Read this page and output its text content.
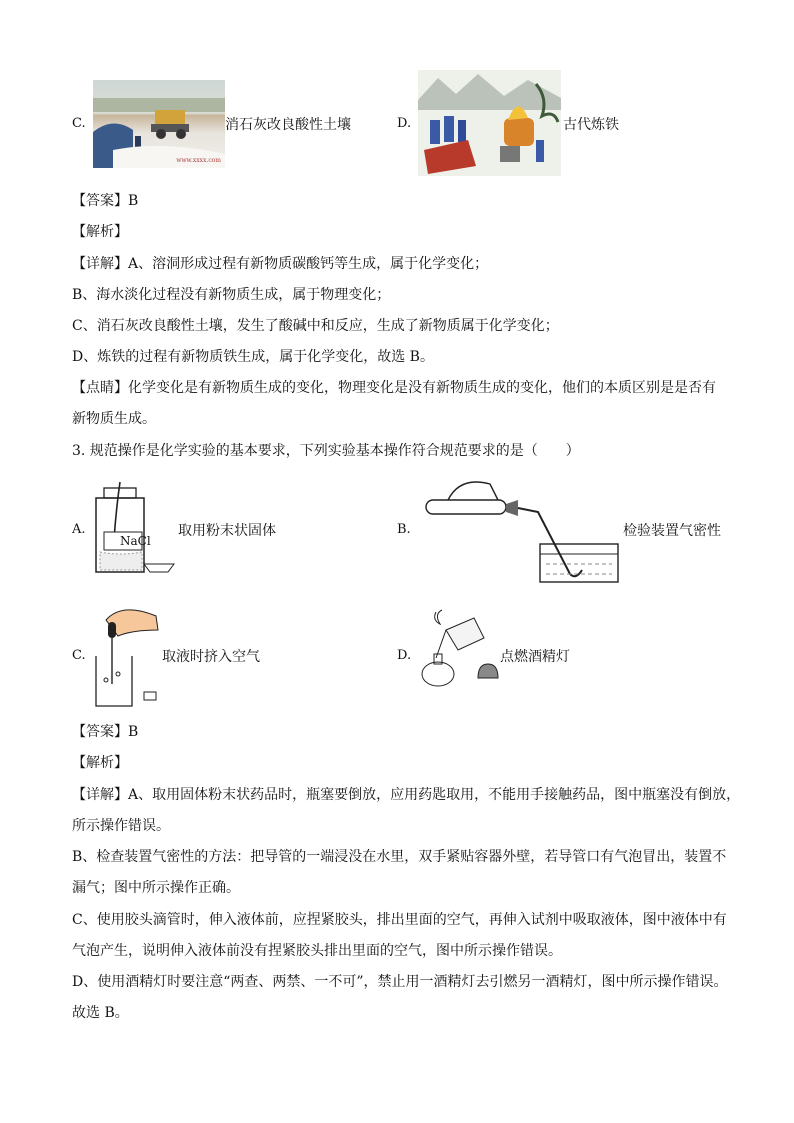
C.
www.xxxx.com
消石灰改良酸性土壤	D.	古代炼铁
【答案】B
【解析】
【详解】A、溶洞形成过程有新物质碳酸钙等生成，属于化学变化；
B、海水淡化过程没有新物质生成，属于物理变化；
C、消石灰改良酸性土壤，发生了酸碱中和反应，生成了新物质属于化学变化；
D、炼铁的过程有新物质铁生成，属于化学变化，故选 B。
【点睛】化学变化是有新物质生成的变化，物理变化是没有新物质生成的变化，他们的本质区别是是否有
新物质生成。
3. 规范操作是化学实验的基本要求，下列实验基本操作符合规范要求的是（　　）
A.
NaCl
取用粉末状固体	B.	检验装置气密性
C.	取液时挤入空气	D.	点燃酒精灯
【答案】B
【解析】
【详解】A、取用固体粉末状药品时，瓶塞要倒放，应用药匙取用，不能用手接触药品，图中瓶塞没有倒放，
所示操作错误。
B、检查装置气密性的方法：把导管的一端浸没在水里，双手紧贴容器外壁，若导管口有气泡冒出，装置不
漏气；图中所示操作正确。
C、使用胶头滴管时，伸入液体前，应捏紧胶头，排出里面的空气，再伸入试剂中吸取液体，图中液体中有
气泡产生，说明伸入液体前没有捏紧胶头排出里面的空气，图中所示操作错误。
D、使用酒精灯时要注意“两查、两禁、一不可”，禁止用一酒精灯去引燃另一酒精灯，图中所示操作错误。
故选 B。
